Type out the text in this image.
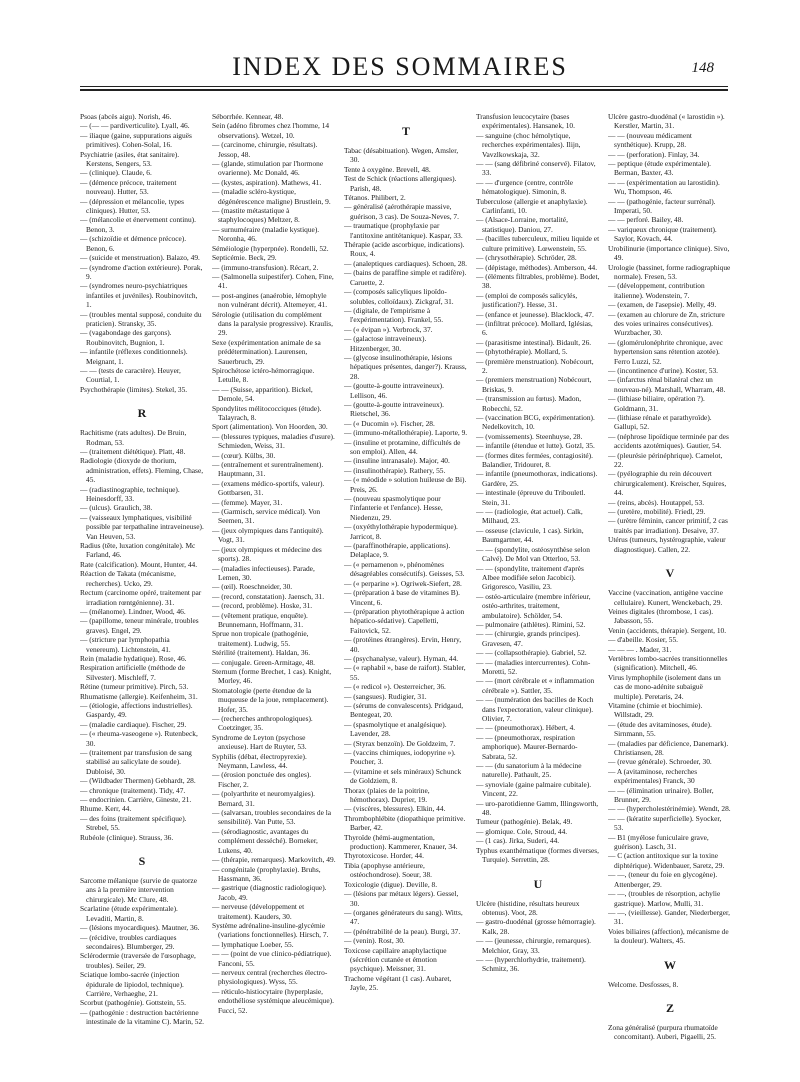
INDEX DES SOMMAIRES	148
Psoas (abcès aigu). Norish, 46.
— (— — pardiverticulite). Lyall, 46.
— iliaque (gaine, suppurations aiguës primitives). Cohen-Solal, 16.
Psychiatrie (asiles, état sanitaire). Kerstens, Sengers, 53.
— (clinique). Claude, 6.
— (démence précoce, traitement nouveau). Hutter, 53.
— (dépression et mélancolie, types cliniques). Hutter, 53.
— (mélancolie et énervement continu). Benon, 3.
— (schizoïdie et démence précoce). Benon, 6.
— (suicide et menstruation). Balazo, 49.
— (syndrome d'action extérieure). Porak, 9.
— (syndromes neuro-psychiatriques infantiles et juvéniles). Roubinovitch, 1.
— (troubles mental supposé, conduite du praticien). Stransky, 35.
— (vagabondage des garçons). Roubinovitch, Bugnion, 1.
— infantile (réflexes conditionnels). Meignant, 1.
— — (tests de caractère). Heuyer, Courtial, 1.
Psychothérapie (limites). Stekel, 35.
R
Rachitisme (rats adultes). De Bruin, Rodman, 53.
— (traitement diététique). Platt, 48.
Radiologie (dioxyde de thorium, administration, effets). Fleming, Chase, 45.
— (radiastinographie, technique). Heinesdorff, 33.
— (ulcus). Graulich, 38.
— (vaisseaux lymphatiques, visibilité possible par terpathaline intraveineuse). Van Heuven, 53.
Radius (tête, luxation congénitale). Mc Farland, 46.
Rate (calcification). Mount, Hunter, 44.
Réaction de Takata (mécanisme, recherches). Ucko, 29.
Rectum (carcinome opéré, traitement par irradiation rœntgénienne). 31.
— (mélanome). Lindner, Wood, 46.
— (papillome, teneur minérale, troubles graves). Engel, 29.
— (stricture par lymphopathia venereum). Lichtenstein, 41.
Rein (maladie hydatique). Rose, 46.
Respiration artificielle (méthode de Silvester). Mischleff, 7.
Rétine (tumeur primitive). Pirch, 53.
Rhumatisme (allergie). Keifenheim, 31.
— (étiologie, affections industrielles). Gaspardy, 49.
— (maladie cardiaque). Fischer, 29.
— (« rheuma-vaseogene »). Rutenbeck, 30.
— (traitement par transfusion de sang stabilisé au salicylate de soude). Dubloisé, 30.
— (Wildbader Thermen) Gebhardt, 28.
— chronique (traitement). Tidy, 47.
— endocrinien. Carrière, Gineste, 21.
Rhume. Kerr, 44.
— des foins (traitement spécifique). Strebel, 55.
Rubéole (clinique). Strauss, 36.
S
Sarcome mélanique (survie de quatorze ans à la première intervention chirurgicale). Mc Clure, 48.
Scarlatine (étude expérimentale). Levaditi, Martin, 8.
— (lésions myocardiques). Mautner, 36.
— (récidive, troubles cardiaques secondaires). Blumberger, 29.
Sclérodermie (traversée de l'œsophage, troubles). Seiler, 29.
Sciatique lombo-sacrée (injection épidurale de lipiodol, technique). Carrière, Verhaeghe, 21.
Scorbut (pathogénie). Gottstein, 55.
— (pathogénie : destruction bactérienne intestinale de la vitamine C). Marin, 52.
Séborrhée. Kennear, 48.
Sein (adéno fibromes chez l'homme, 14 observations). Wetzel, 10.
— (carcinome, chirurgie, résultats). Jessop, 48.
— (glande, stimulation par l'hormone ovarienne). Mc Donald, 46.
— (kystes, aspiration). Mathews, 41.
— (maladie scléro-kystique, dégénérescence maligne) Brustlein, 9.
— (mastite métastatique à staphylocoques) Meltzer, 8.
— surnuméraire (maladie kystique). Noronha, 46.
Séméiologie (hyperpnée). Rondelli, 52.
Septicémie. Beck, 29.
— (immuno-transfusion). Récart, 2.
— (Salmonella suipestifer). Cohen, Fine, 41.
— post-angines (anaérobie, lémophyle non vulnérant décrit). Altemeyer, 41.
Sérologie (utilisation du complément dans la paralysie progressive). Kraulis, 29.
Sexe (expérimentation animale de sa prédétermination). Laurensen, Sauerbruch, 29.
Spirochétose ictéro-hémorragique. Letulle, 8.
— — (Suisse, apparition). Bickel, Demole, 54.
Spondylites mélitococciques (étude). Talayrach, 8.
Sport (alimentation). Von Hoorden, 30.
— (blessures typiques, maladies d'usure). Schmieden, Weiss, 31.
— (cœur). Külbs, 30.
— (entraînement et surentraînement). Hauptmann, 31.
— (examens médico-sportifs, valeur). Gottbarsen, 31.
— (femme). Mayer, 31.
— (Garmisch, service médical). Von Seemen, 31.
— (jeux olympiques dans l'antiquité). Vogt, 31.
— (jeux olympiques et médecine des sports). 28.
— (maladies infectieuses). Parade, Lemen, 30.
— (œil). Roeschneider, 30.
— (record, constatation). Jaensch, 31.
— (record, problème). Hoske, 31.
— (vêtement pratique, enquête). Brunnemann, Hoffmann, 31.
Sprue non tropicale (pathogénie, traitement). Ludwig, 55.
Stérilité (traitement). Haldan, 36.
— conjugale. Green-Armitage, 48.
Sternum (forme Brechet, 1 cas). Knight, Morley, 46.
Stomatologie (perte étendue de la muqueuse de la joue, remplacement). Hofer, 35.
— (recherches anthropologiques). Coetzinger, 35.
Syndrome de Leyton (psychose anxieuse). Hart de Ruyter, 53.
Syphilis (débat, électropyrexie). Neymann, Lawless, 44.
— (érosion ponctuée des ongles). Fischer, 2.
— (polyarthrite et neuromyalgies). Bernard, 31.
— (salvarsan, troubles secondaires de la sensibilité). Van Putte, 53.
— (sérodiagnostic, avantages du complément desséché). Borneker, Lukens, 40.
— (thérapie, remarques). Markovitch, 49.
— congénitale (prophylaxie). Bruhs, Hassmann, 36.
— gastrique (diagnostic radiologique). Jacob, 49.
— nerveuse (développement et traitement). Kauders, 30.
Système adrénaline-insuline-glycémie (variations fonctionnelles). Hirsch, 7.
— lymphatique Loeber, 55.
— — (point de vue clinico-pédiatrique). Fanconi, 55.
— nerveux central (recherches électro-physiologiques). Wyss, 55.
— réticulo-histiocytaire (hyperplasie, endothéliose systémique aleucémique). Fucci, 52.
T
Tabac (désabituation). Wegen, Amsler, 30.
Tente à oxygène. Brevell, 48.
Test de Schick (réactions allergiques). Parish, 48.
Tétanos. Philibert, 2.
— généralisé (aérothérapie massive, guérison, 3 cas). De Souza-Neves, 7.
— traumatique (prophylaxie par l'antitoxine antitétanique). Kaspar, 33.
Thérapie (acide ascorbique, indications). Roux, 4.
— (analeptiques cardiaques). Schoen, 28.
— (bains de paraffine simple et radifère). Caruette, 2.
— (composés salicyliques lipoïdo-solubles, colloïdaux). Zickgraf, 31.
— (digitale, de l'empirisme à l'expérimentation). Frankel, 55.
— (« évipan »). Verbrock, 37.
— (galactose intraveineux). Hitzenberger, 30.
— (glycose insulinothérapie, lésions hépatiques présentes, danger?). Krauss, 28.
— (goutte-à-goutte intraveineux). Lellison, 46.
— (goutte-à-goutte intraveineux). Rietschel, 36.
— (« Ducomin »). Fischer, 28.
— (immuno-métallothérapie). Laporte, 9.
— (insuline et protamine, difficultés de son emploi). Allen, 44.
— (insuline intranasale). Major, 40.
— (insulinothérapie). Rathery, 55.
— (« méodide » solution huileuse de Bi). Preis, 26.
— (nouveau spasmolytique pour l'infanterie et l'enfance). Hesse, Niedenzu, 29.
— (oxyéthylothérapie hypodermique). Jarricot, 8.
— (paraffinothérapie, applications). Delaplace, 9.
— (« pernamenon », phénomènes désagréables consécutifs). Geisses, 53.
— (« perparine »). Ogriwek-Siefert, 28.
— (préparation à base de vitamines B). Vincent, 6.
— (préparation phytothérapique à action hépatico-sédative). Capelletti, Faitovick, 52.
— (protéines étrangères). Ervin, Henry, 40.
— (psychanalyse, valeur). Hyman, 44.
— (« raphabil », base de raifort). Stabler, 55.
— (« redicol »). Oesterreicher, 36.
— (sangsues). Rudigier, 31.
— (sérums de convalescents). Pridgaud, Bentegeat, 20.
— (spasmolytique et analgésique). Lavender, 28.
— (Styrax benzoïn). De Goldzeim, 7.
— (vaccins chimiques, iodopyrine »). Poucher, 3.
— (vitamine et sels minéraux) Schunck de Goldziem, 8.
Thorax (plaies de la poitrine, hémothorax). Duprier, 19.
— (viscères, blessures). Elkin, 44.
Thrombophlébite (diopathique primitive. Barber, 42.
Thyroïde (hémi-augmentation, production). Kammerer, Knauer, 34.
Thyrotoxicose. Horder, 44.
Tibia (apophyse antérieure, ostéochondrose). Soeur, 38.
Toxicologie (digue). Deville, 8.
— (lésions par métaux légers). Gessel, 30.
— (organes générateurs du sang). Witts, 47.
— (pénétrabilité de la peau). Burgi, 37.
— (venin). Rost, 30.
Toxicose capillaire anaphylactique (sécrétion cutanée et émotion psychique). Meissner, 31.
Trachome végétant (1 cas). Aubaret, Jayle, 25.
Transfusion leucocytaire (bases expérimentales). Hansanek, 10.
— sanguine (choc hémolytique, recherches expérimentales). Ilijn, Vavzlkowskaja, 32.
— — (sang défibriné conservé). Filatov, 33.
— — d'urgence (centre, contrôle hématologique). Simonin, 8.
Tuberculose (allergie et anaphylaxie). Carlinfanti, 10.
— (Alsace-Lorraine, mortalité, statistique). Daniou, 27.
— (bacilles tuberculeux, milieu liquide et culture primitive). Lœwenstein, 55.
— (chrysothérapie). Schröder, 28.
— (dépistage, méthodes). Amberson, 44.
— (éléments filtrables, problème). Bodet, 38.
— (emploi de composés salicylés, justification?). Hesse, 31.
— (enfance et jeunesse). Blacklock, 47.
— (infiltrat précoce). Mollard, Iglésias, 6.
— (parasitisme intestinal). Bidault, 26.
— (phytothérapie). Mollard, 5.
— (première menstruation). Nobécourt, 2.
— (premiers menstruation) Nobécourt, Briskas, 9.
— (transmission au fœtus). Madon, Robecchi, 52.
— (vaccination BCG, expérimentation). Nedelkovitch, 10.
— (vomissements). Steenhuyse, 28.
— infantile (étendue et lutte). Gotzl, 35.
— (formes dites fermées, contagiosité). Balandier, Tridouret, 8.
— infantile (pneumothorax, indications). Gardère, 25.
— intestinale (épreuve du Tribouletl. Stein, 31.
— — (radiologie, état actuel). Calk, Milhaud, 23.
— osseuse (clavicule, 1 cas). Sirkin, Baumgartner, 44.
— — (spondylite, ostéosynthèse selon Calvé). De Mol van Otterloo, 53.
— — (spondylite, traitement d'après Albee modifiée selon Jacobici). Grigoresco, Vasiliu, 23.
— ostéo-articulaire (membre inférieur, ostéo-arthrites, traitement, ambulatoire). Schölder, 54.
— pulmonaire (athlètes). Rimini, 52.
— — (chirurgie, grands principes). Gravesen, 47.
— — (collapsothérapie). Gabriel, 52.
— — (maladies intercurrentes). Cohn-Moretti, 52.
— — (mort cérébrale et « inflammation cérébrale »). Sattler, 35.
— — (numération des bacilles de Koch dans l'expectoration, valeur clinique). Olivier, 7.
— — (pneumothorax). Hébert, 4.
— — (pneumothorax, respiration amphorique). Maurer-Bernardo-Sabrata, 52.
— — (du sanatorium à la médecine naturelle). Pathault, 25.
— synoviale (gaine palmaire cubitale). Vincent, 22.
— uro-parotidienne Gamm, Illingsworth, 48.
Tumeur (pathogénie). Belak, 49.
— glomique. Cole, Stroud, 44.
— (1 cas). Jirka, Suderi, 44.
Typhus exanthématique (formes diverses, Turquie). Serrettin, 28.
U
Ulcère (histidine, résultats heureux obtenus). Voot, 28.
— gastro-duodénal (grosse hémorragie). Kalk, 28.
— — (jeunesse, chirurgie, remarques). Melchior, Gray, 33.
— — (hyperchlorhydrie, traitement). Schmitz, 36.
Ulcère gastro-duodénal (« larostidin »). Kerstler, Martin, 31.
— — (nouveau médicament synthétique). Krupp, 28.
— — (perforation). Finlay, 34.
— peptique (étude expérimentale). Berman, Baxter, 43.
— — (expérimentation au larostidin). Wu, Thompson, 46.
— — (pathogénie, facteur surrénal). Imperati, 50.
— — perforé. Bailey, 48.
— variqueux chronique (traitement). Saylor, Kovach, 44.
Urobilinurie (importance clinique). Sivo, 49.
Urologie (bassinet, forme radiographique normale). Fresen, 53.
— (développement, contribution italienne). Wodenstein, 7.
— (examen, de l'asepsie). Melly, 49.
— (examen au chlorure de Zn, stricture des voies urinaires consécutives). Wurzbacher, 30.
— (glomérulonéphrite chronique, avec hypertension sans rétention azotée). Ferro Luzzi, 52.
— (incontinence d'urine). Koster, 53.
— (infarctus rénal bilatéral chez un nouveau-né). Marshall, Wharram, 48.
— (lithiase biliaire, opération ?). Goldmann, 31.
— (lithiase rénale et parathyroïde). Gallupi, 52.
— (néphrose lipoïdique terminée par des accidents azotémiques). Gautier, 54.
— (pleurésie périnéphrique). Camelot, 22.
— (pyélographie du rein découvert chirurgicalement). Kreischer, Squires, 44.
— (reins, abcès). Houtappel, 53.
— (uretère, mobilité). Friedl, 29.
— (urètre féminin, cancer primitif, 2 cas traités par irradiation). Desaive, 37.
Utérus (tumeurs, hystérographie, valeur diagnostique). Callen, 22.
V
Vaccine (vaccination, antigène vaccine cellulaire). Kunert, Wenckebach, 29.
Veines digitales (thrombose, 1 cas). Jabasson, 55.
Venin (accidents, thérapie). Sergent, 10.
— d'abeille. Kosier, 55.
— — — . Mader, 31.
Vertèbres lombo-sacrées transitionnelles (signification). Mitchell, 46.
Virus lymphophile (isolement dans un cas de mono-adénite subaiguë multiple). Peretaris, 24.
Vitamine (chimie et biochimie). Willstadt, 29.
— (étude des avitaminoses, étude). Sirnmann, 55.
— (maladies par déficience, Danemark). Christiansen, 28.
— (revue générale). Schroeder, 30.
— A (avitaminose, recherches expérimentales) Franck, 30
— — (élimination urinaire). Boller, Brunner, 29.
— — (hypercholestérinémie). Wendt, 28.
— — (kératite superficielle). Syocker, 53.
— B1 (myélose funiculaire grave, guérison). Lasch, 31.
— C (action antitoxique sur la toxine diphtérique). Widenbauer, Saretz, 29.
— —, (teneur du foie en glycogène). Attenberger, 29.
— —, (troubles de résorption, achylie gastrique). Marlow, Mulli, 31.
— —, (vieillesse). Gander, Niederberger, 31.
Voies biliaires (affection), mécanisme de la douleur). Walters, 45.
W
Welcome. Desfosses, 8.
Z
Zona généralisé (purpura rhumatoïde concomitant). Auberi, Pigaelli, 25.
